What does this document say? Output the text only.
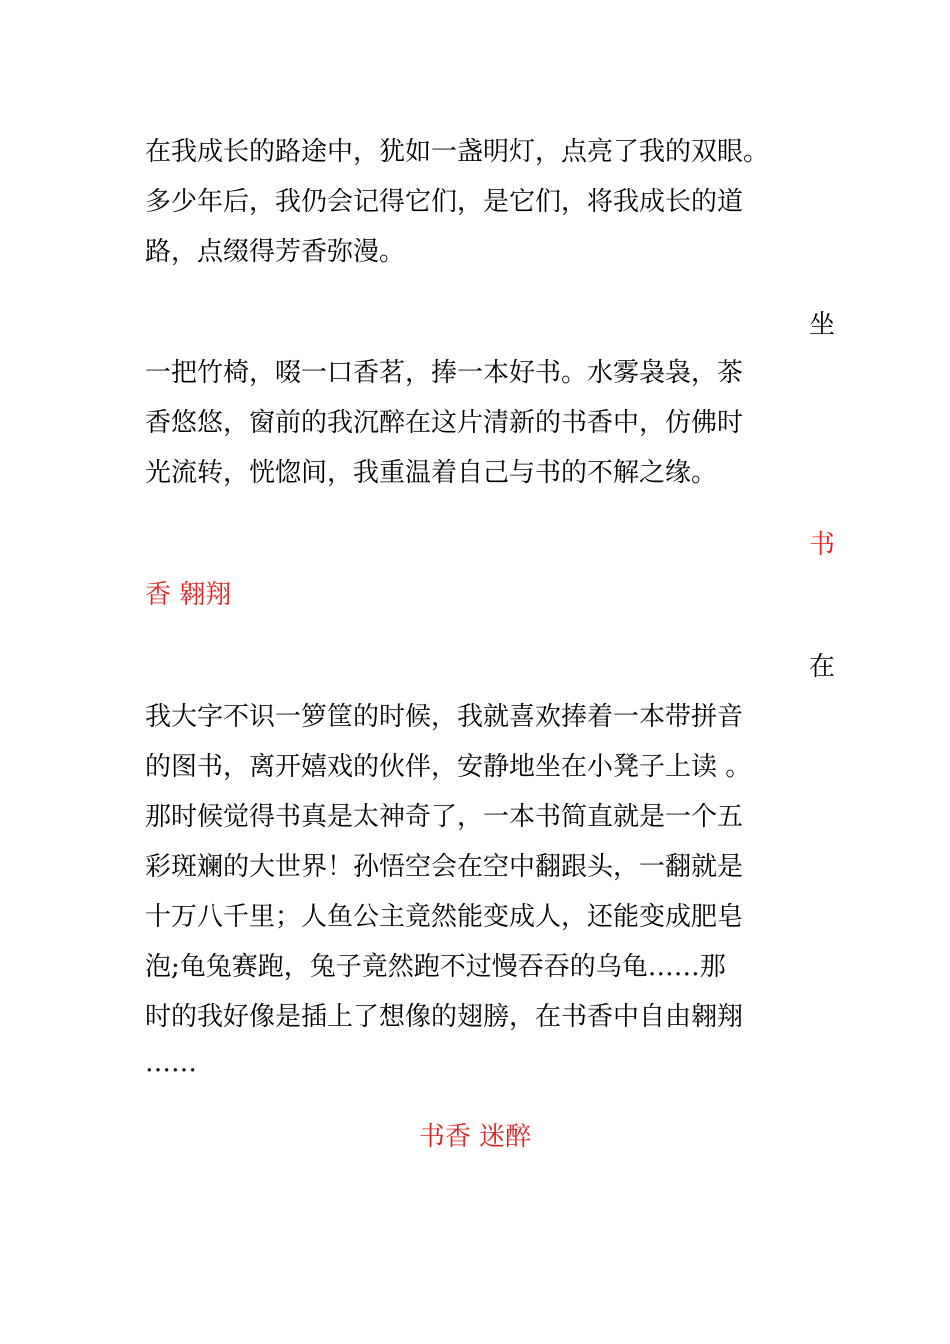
在我成长的路途中，犹如一盏明灯，点亮了我的双眼。

多少年后，我仍会记得它们，是它们，将我成长的道

路，点缀得芳香弥漫。

坐

一把竹椅，啜一口香茗，捧一本好书。水雾袅袅，茶

香悠悠，窗前的我沉醉在这片清新的书香中，仿佛时

光流转，恍惚间，我重温着自己与书的不解之缘。

书

香 翱翔

在

我大字不识一箩筐的时候，我就喜欢捧着一本带拼音

的图书，离开嬉戏的伙伴，安静地坐在小凳子上读 。

那时候觉得书真是太神奇了，一本书简直就是一个五

彩斑斓的大世界！孙悟空会在空中翻跟头，一翻就是

十万八千里；人鱼公主竟然能变成人，还能变成肥皂

泡;龟兔赛跑，兔子竟然跑不过慢吞吞的乌龟……那

时的我好像是插上了想像的翅膀，在书香中自由翱翔

……

书香 迷醉
